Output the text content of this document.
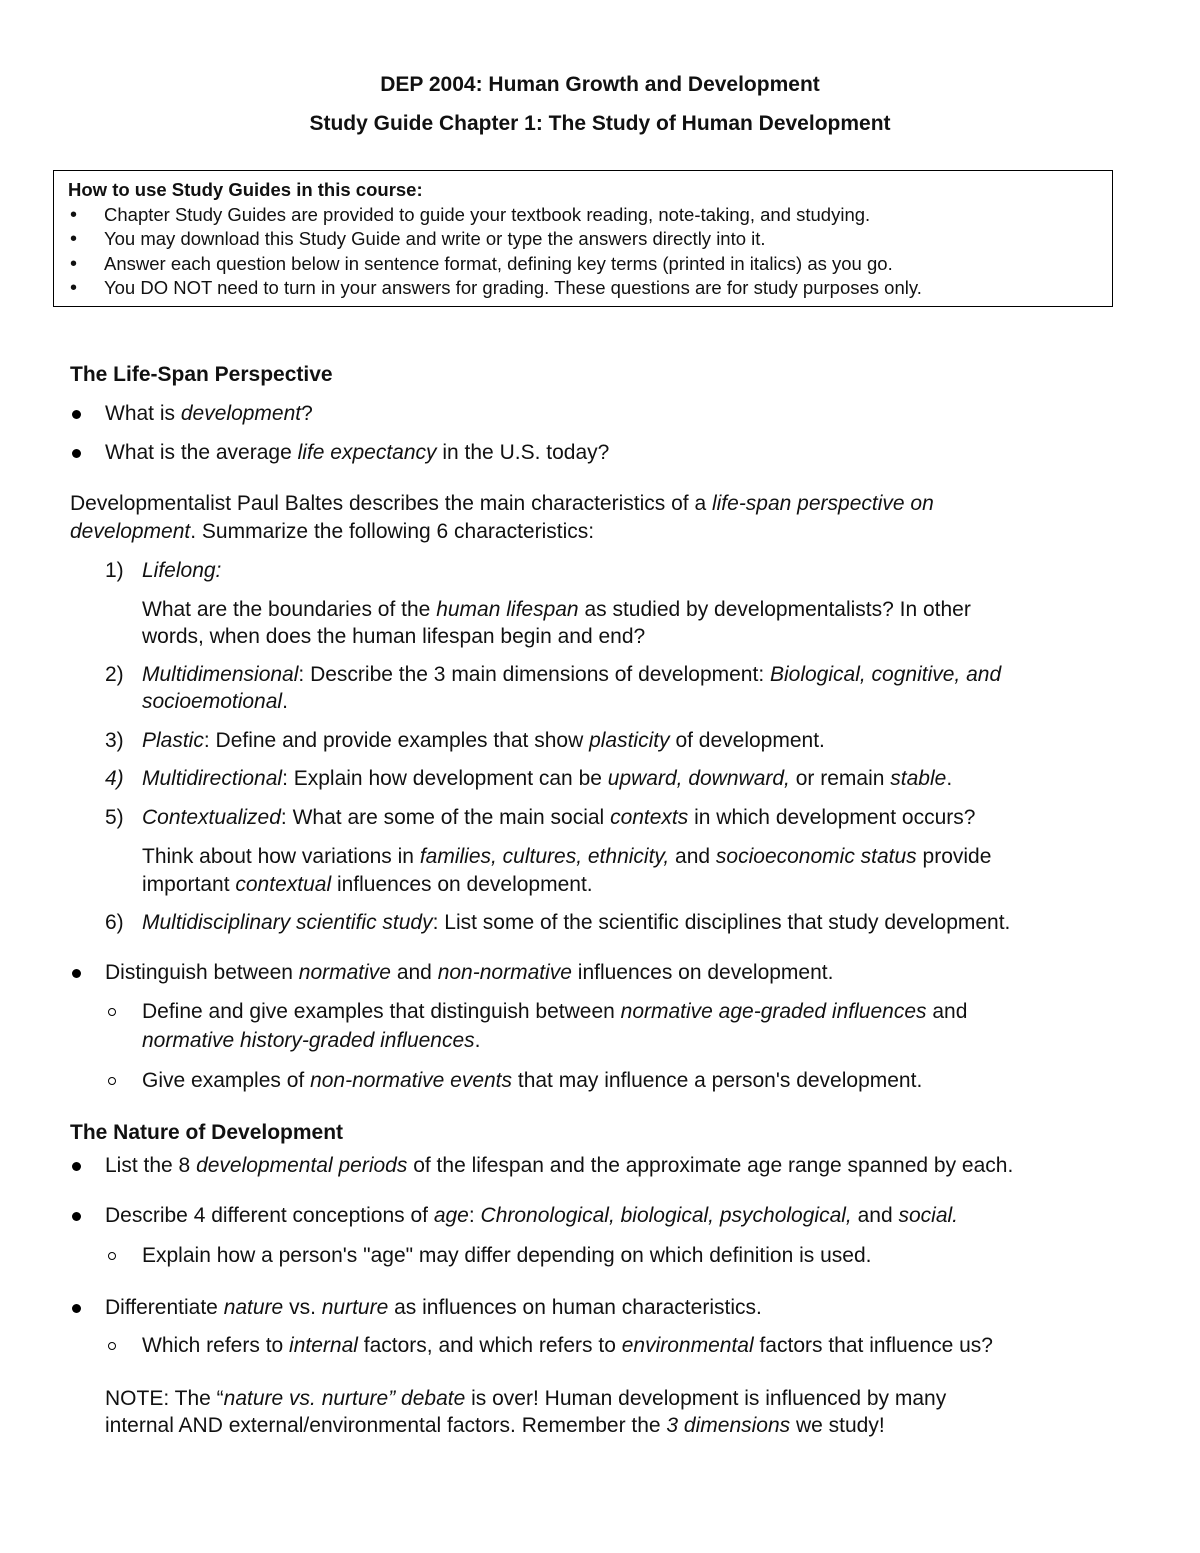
DEP 2004: Human Growth and Development
Study Guide Chapter 1: The Study of Human Development
How to use Study Guides in this course:
• Chapter Study Guides are provided to guide your textbook reading, note-taking, and studying.
• You may download this Study Guide and write or type the answers directly into it.
• Answer each question below in sentence format, defining key terms (printed in italics) as you go.
• You DO NOT need to turn in your answers for grading. These questions are for study purposes only.
The Life-Span Perspective
What is development?
What is the average life expectancy in the U.S. today?
Developmentalist Paul Baltes describes the main characteristics of a life-span perspective on
development. Summarize the following 6 characteristics:
1) Lifelong:
What are the boundaries of the human lifespan as studied by developmentalists? In other
words, when does the human lifespan begin and end?
2) Multidimensional: Describe the 3 main dimensions of development: Biological, cognitive, and
socioemotional.
3) Plastic: Define and provide examples that show plasticity of development.
4) Multidirectional: Explain how development can be upward, downward, or remain stable.
5) Contextualized: What are some of the main social contexts in which development occurs?
Think about how variations in families, cultures, ethnicity, and socioeconomic status provide
important contextual influences on development.
6) Multidisciplinary scientific study: List some of the scientific disciplines that study development.
Distinguish between normative and non-normative influences on development.
Define and give examples that distinguish between normative age-graded influences and
normative history-graded influences.
Give examples of non-normative events that may influence a person's development.
The Nature of Development
List the 8 developmental periods of the lifespan and the approximate age range spanned by each.
Describe 4 different conceptions of age: Chronological, biological, psychological, and social.
Explain how a person's "age" may differ depending on which definition is used.
Differentiate nature vs. nurture as influences on human characteristics.
Which refers to internal factors, and which refers to environmental factors that influence us?
NOTE: The “nature vs. nurture” debate is over! Human development is influenced by many
internal AND external/environmental factors. Remember the 3 dimensions we study!
